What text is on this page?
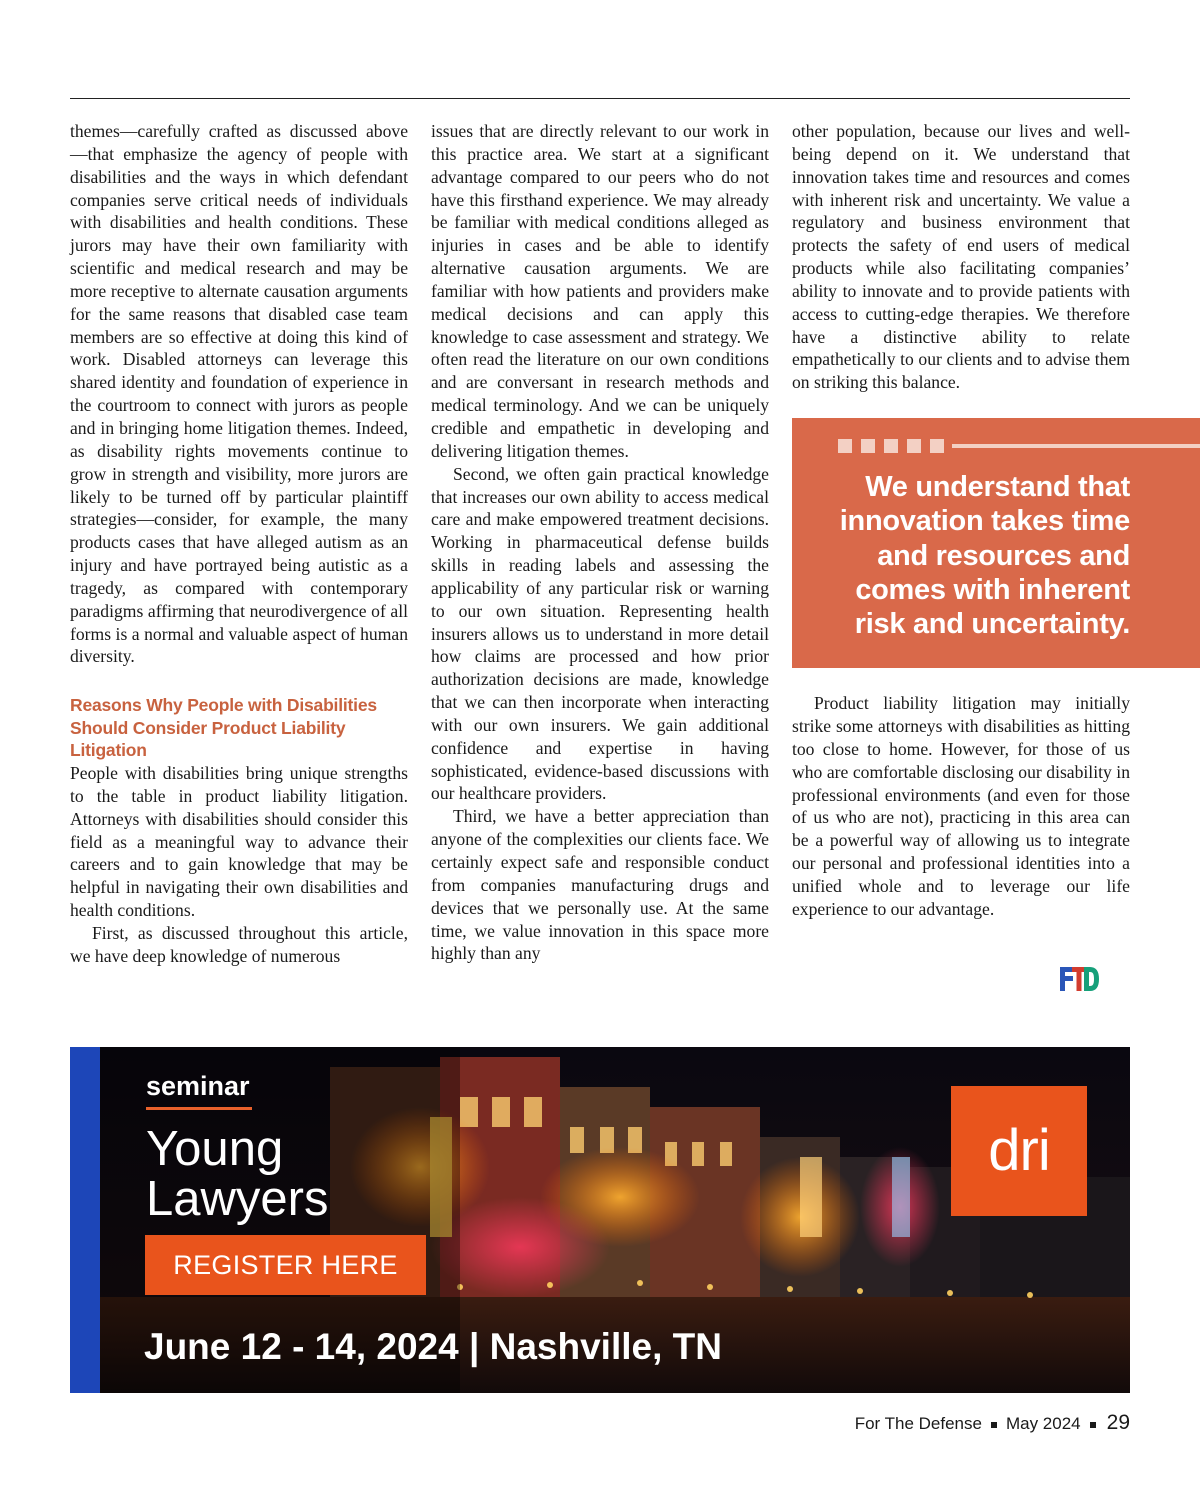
themes—carefully crafted as discussed above—that emphasize the agency of people with disabilities and the ways in which defendant companies serve critical needs of individuals with disabilities and health conditions. These jurors may have their own familiarity with scientific and medical research and may be more receptive to alternate causation arguments for the same reasons that disabled case team members are so effective at doing this kind of work. Disabled attorneys can leverage this shared identity and foundation of experience in the courtroom to connect with jurors as people and in bringing home litigation themes. Indeed, as disability rights movements continue to grow in strength and visibility, more jurors are likely to be turned off by particular plaintiff strategies—consider, for example, the many products cases that have alleged autism as an injury and have portrayed being autistic as a tragedy, as compared with contemporary paradigms affirming that neurodivergence of all forms is a normal and valuable aspect of human diversity.

Reasons Why People with Disabilities Should Consider Product Liability Litigation

People with disabilities bring unique strengths to the table in product liability litigation. Attorneys with disabilities should consider this field as a meaningful way to advance their careers and to gain knowledge that may be helpful in navigating their own disabilities and health conditions.

First, as discussed throughout this article, we have deep knowledge of numerous

issues that are directly relevant to our work in this practice area. We start at a significant advantage compared to our peers who do not have this firsthand experience. We may already be familiar with medical conditions alleged as injuries in cases and be able to identify alternative causation arguments. We are familiar with how patients and providers make medical decisions and can apply this knowledge to case assessment and strategy. We often read the literature on our own conditions and are conversant in research methods and medical terminology. And we can be uniquely credible and empathetic in developing and delivering litigation themes.

Second, we often gain practical knowledge that increases our own ability to access medical care and make empowered treatment decisions. Working in pharmaceutical defense builds skills in reading labels and assessing the applicability of any particular risk or warning to our own situation. Representing health insurers allows us to understand in more detail how claims are processed and how prior authorization decisions are made, knowledge that we can then incorporate when interacting with our own insurers. We gain additional confidence and expertise in having sophisticated, evidence-based discussions with our healthcare providers.

Third, we have a better appreciation than anyone of the complexities our clients face. We certainly expect safe and responsible conduct from companies manufacturing drugs and devices that we personally use. At the same time, we value innovation in this space more highly than any

other population, because our lives and well-being depend on it. We understand that innovation takes time and resources and comes with inherent risk and uncertainty. We value a regulatory and business environment that protects the safety of end users of medical products while also facilitating companies’ ability to innovate and to provide patients with access to cutting-edge therapies. We therefore have a distinctive ability to relate empathetically to our clients and to advise them on striking this balance.

We understand that innovation takes time and resources and comes with inherent risk and uncertainty.

Product liability litigation may initially strike some attorneys with disabilities as hitting too close to home. However, for those of us who are comfortable disclosing our disability in professional environments (and even for those of us who are not), practicing in this area can be a powerful way of allowing us to integrate our personal and professional identities into a unified whole and to leverage our life experience to our advantage.

seminar
Young
Lawyers
REGISTER HERE
June 12 - 14, 2024 | Nashville, TN
dri
For The Defense May 2024 29
